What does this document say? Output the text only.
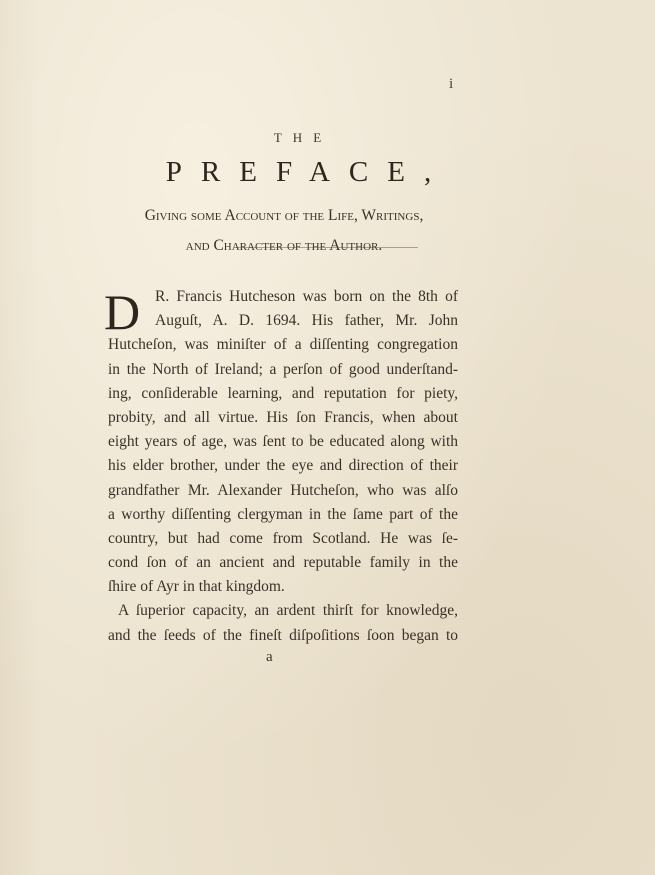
i
THE
PREFACE,
Giving ſome Account of the Life, Writings,
and Character of the Author.
D R. Francis Hutcheson was born on the 8th of
Auguſt, A. D. 1694. His father, Mr. John
Hutcheſon, was miniſter of a diſſenting congregation
in the North of Ireland; a perſon of good underſtand-
ing, conſiderable learning, and reputation for piety,
probity, and all virtue. His ſon Francis, when about
eight years of age, was ſent to be educated along with
his elder brother, under the eye and direction of their
grandfather Mr. Alexander Hutcheſon, who was alſo
a worthy diſſenting clergyman in the ſame part of the
country, but had come from Scotland. He was ſe-
cond ſon of an ancient and reputable family in the
ſhire of Ayr in that kingdom.
A ſuperior capacity, an ardent thirſt for knowledge,
and the ſeeds of the fineſt diſpoſitions ſoon began to
a
